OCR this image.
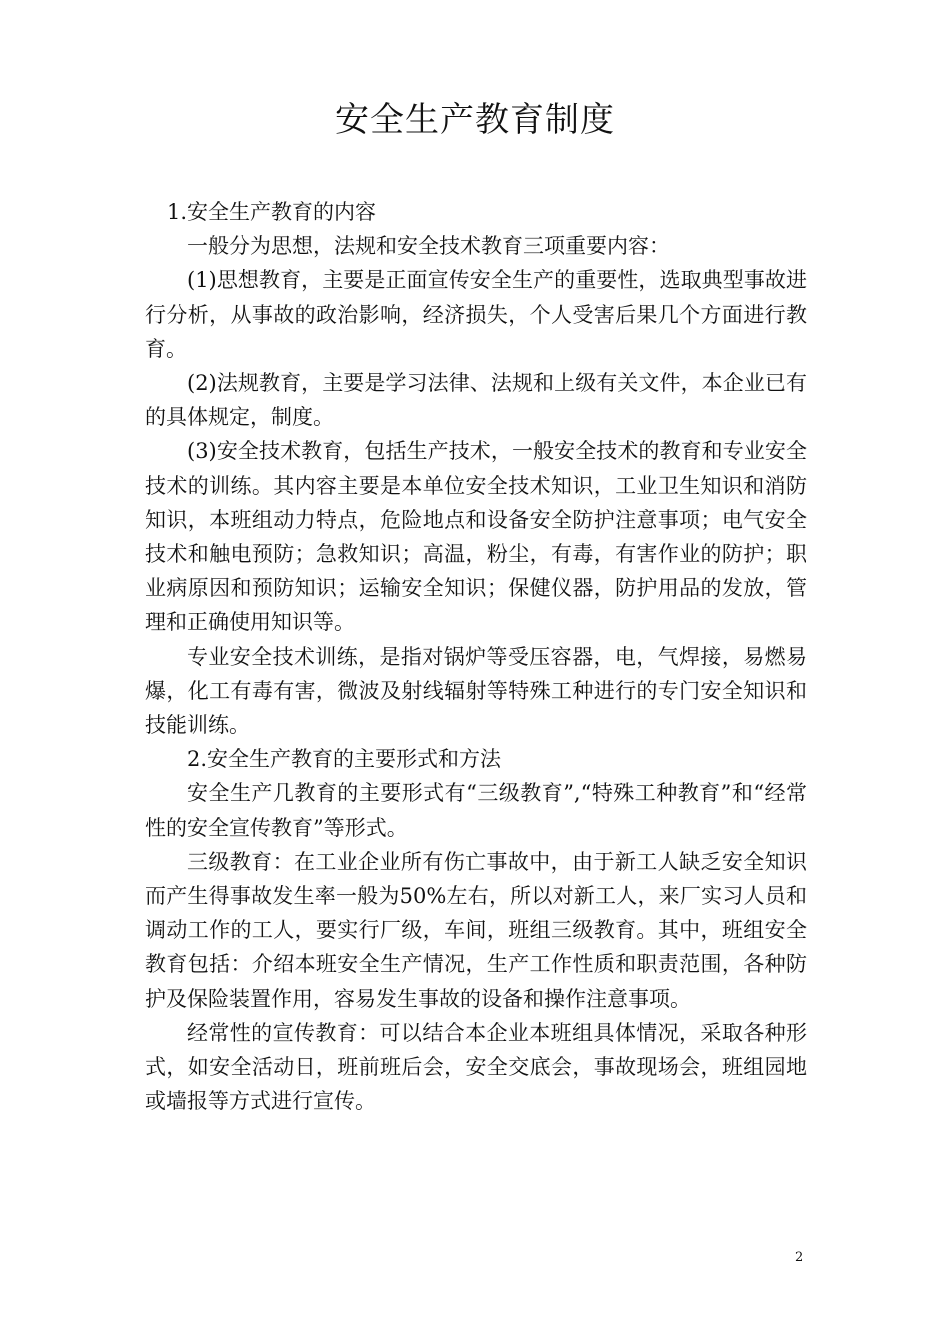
安全生产教育制度

1.安全生产教育的内容

一般分为思想，法规和安全技术教育三项重要内容：

(1)思想教育，主要是正面宣传安全生产的重要性，选取典型事故进行分析，从事故的政治影响，经济损失，个人受害后果几个方面进行教育。

(2)法规教育，主要是学习法律、法规和上级有关文件，本企业已有的具体规定，制度。

(3)安全技术教育，包括生产技术，一般安全技术的教育和专业安全技术的训练。其内容主要是本单位安全技术知识，工业卫生知识和消防知识，本班组动力特点，危险地点和设备安全防护注意事项；电气安全技术和触电预防；急救知识；高温，粉尘，有毒，有害作业的防护；职业病原因和预防知识；运输安全知识；保健仪器，防护用品的发放，管理和正确使用知识等。

专业安全技术训练，是指对锅炉等受压容器，电，气焊接，易燃易爆，化工有毒有害，微波及射线辐射等特殊工种进行的专门安全知识和技能训练。

2.安全生产教育的主要形式和方法

安全生产几教育的主要形式有“三级教育”,“特殊工种教育”和“经常性的安全宣传教育”等形式。

三级教育：在工业企业所有伤亡事故中，由于新工人缺乏安全知识而产生得事故发生率一般为50%左右，所以对新工人，来厂实习人员和调动工作的工人，要实行厂级，车间，班组三级教育。其中，班组安全教育包括：介绍本班安全生产情况，生产工作性质和职责范围，各种防护及保险装置作用，容易发生事故的设备和操作注意事项。

经常性的宣传教育：可以结合本企业本班组具体情况，采取各种形式，如安全活动日，班前班后会，安全交底会，事故现场会，班组园地或墙报等方式进行宣传。

2
